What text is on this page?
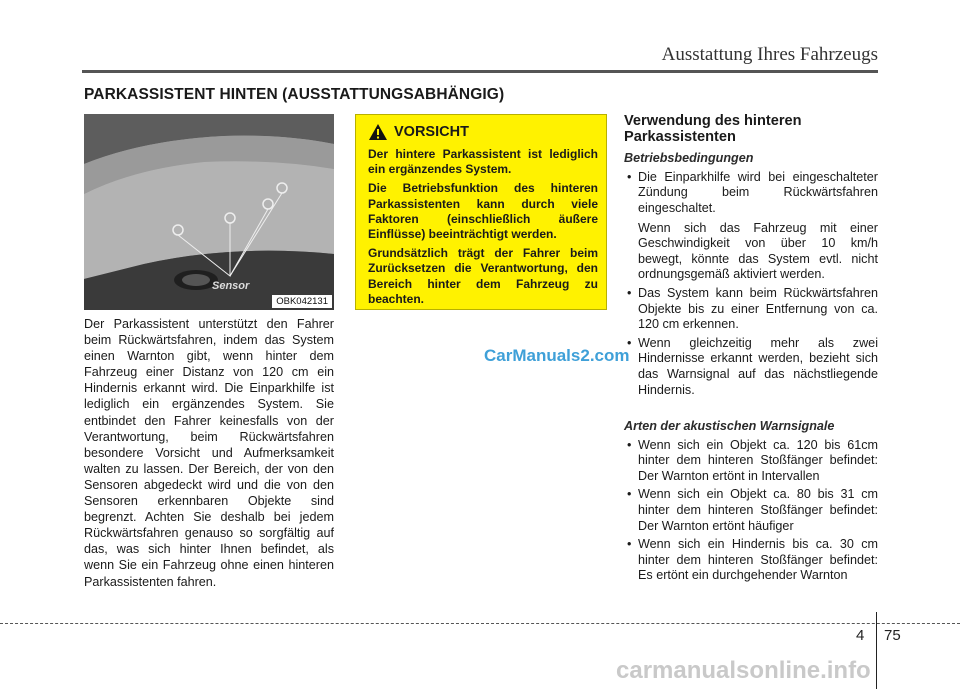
Ausstattung Ihres Fahrzeugs
PARKASSISTENT HINTEN (AUSSTATTUNGSABHÄNGIG)
Sensor
OBK042131
Der Parkassistent unterstützt den Fahrer beim Rückwärtsfahren, indem das System einen Warnton gibt, wenn hinter dem Fahrzeug einer Distanz von 120 cm ein Hindernis erkannt wird. Die Einparkhilfe ist lediglich ein ergänzendes System. Sie entbindet den Fahrer keinesfalls von der Verantwortung, beim Rückwärtsfahren besondere Vorsicht und Aufmerksamkeit walten zu lassen. Der Bereich, der von den Sensoren abgedeckt wird und die von den Sensoren erkennbaren Objekte sind begrenzt. Achten Sie deshalb bei jedem Rückwärtsfahren genauso so sorgfältig auf das, was sich hinter Ihnen befindet, als wenn Sie ein Fahrzeug ohne einen hinteren Parkassistenten fahren.
VORSICHT

Der hintere Parkassistent ist lediglich ein ergänzendes System.

Die Betriebsfunktion des hinteren Parkassistenten kann durch viele Faktoren (einschließlich äußere Einflüsse) beeinträchtigt werden.

Grundsätzlich trägt der Fahrer beim Zurücksetzen die Verantwortung, den Bereich hinter dem Fahrzeug zu beachten.

Verwendung des hinteren Parkassistenten
Betriebsbedingungen
• Die Einparkhilfe wird bei eingeschalteter Zündung beim Rückwärtsfahren eingeschaltet.
Wenn sich das Fahrzeug mit einer Geschwindigkeit von über 10 km/h bewegt, könnte das System evtl. nicht ordnungsgemäß aktiviert werden.
• Das System kann beim Rückwärtsfahren Objekte bis zu einer Entfernung von ca. 120 cm erkennen.
• Wenn gleichzeitig mehr als zwei Hindernisse erkannt werden, bezieht sich das Warnsignal auf das nächstliegende Hindernis.
Arten der akustischen Warnsignale
• Wenn sich ein Objekt ca. 120 bis 61cm hinter dem hinteren Stoßfänger befindet: Der Warnton ertönt in Intervallen
• Wenn sich ein Objekt ca. 80 bis 31 cm hinter dem hinteren Stoßfänger befindet: Der Warnton ertönt häufiger
• Wenn sich ein Hindernis bis ca. 30 cm hinter dem hinteren Stoßfänger befindet: Es ertönt ein durchgehender Warnton
CarManuals2.com
4 75
carmanualsonline.info
